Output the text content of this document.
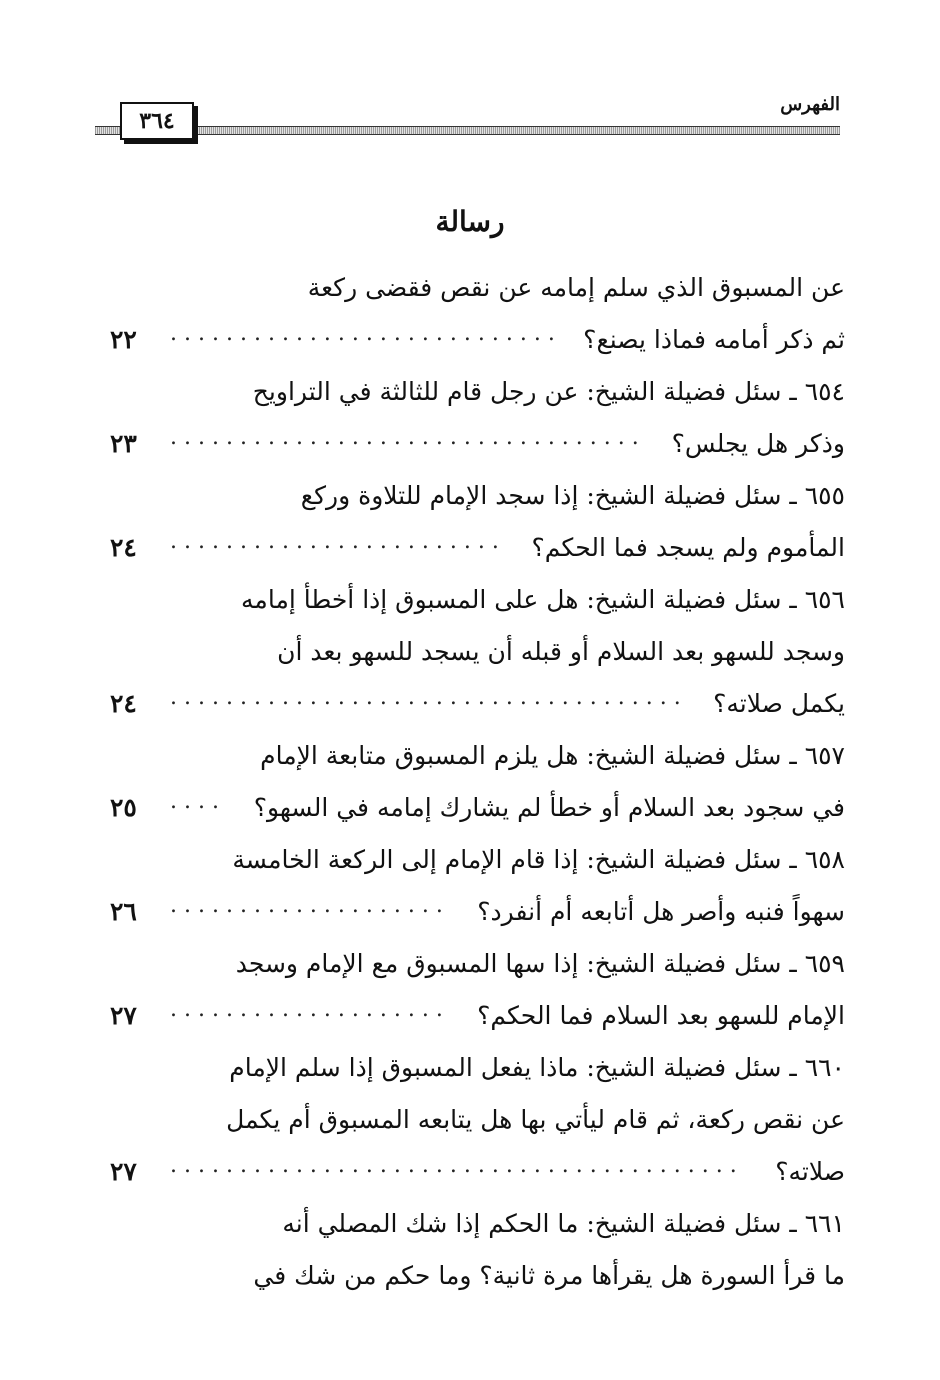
الفهرس
٣٦٤
رسالة
عن المسبوق الذي سلم إمامه عن نقص فقضى ركعة
ثم ذكر أمامه فماذا يصنع؟
............................
٢٢
٦٥٤ ـ سئل فضيلة الشيخ: عن رجل قام للثالثة في التراويح
وذكر هل يجلس؟
..................................
٢٣
٦٥٥ ـ سئل فضيلة الشيخ: إذا سجد الإمام للتلاوة وركع
المأموم ولم يسجد فما الحكم؟
........................
٢٤
٦٥٦ ـ سئل فضيلة الشيخ: هل على المسبوق إذا أخطأ إمامه
وسجد للسهو بعد السلام أو قبله أن يسجد للسهو بعد أن
يكمل صلاته؟
.....................................
٢٤
٦٥٧ ـ سئل فضيلة الشيخ: هل يلزم المسبوق متابعة الإمام
في سجود بعد السلام أو خطأ لم يشارك إمامه في السهو؟
....
٢٥
٦٥٨ ـ سئل فضيلة الشيخ: إذا قام الإمام إلى الركعة الخامسة
سهواً فنبه وأصر هل أتابعه أم أنفرد؟
....................
٢٦
٦٥٩ ـ سئل فضيلة الشيخ: إذا سها المسبوق مع الإمام وسجد
الإمام للسهو بعد السلام فما الحكم؟
....................
٢٧
٦٦٠ ـ سئل فضيلة الشيخ: ماذا يفعل المسبوق إذا سلم الإمام
عن نقص ركعة، ثم قام ليأتي بها هل يتابعه المسبوق أم يكمل
صلاته؟
.........................................
٢٧
٦٦١ ـ سئل فضيلة الشيخ: ما الحكم إذا شك المصلي أنه
ما قرأ السورة هل يقرأها مرة ثانية؟ وما حكم من شك في
